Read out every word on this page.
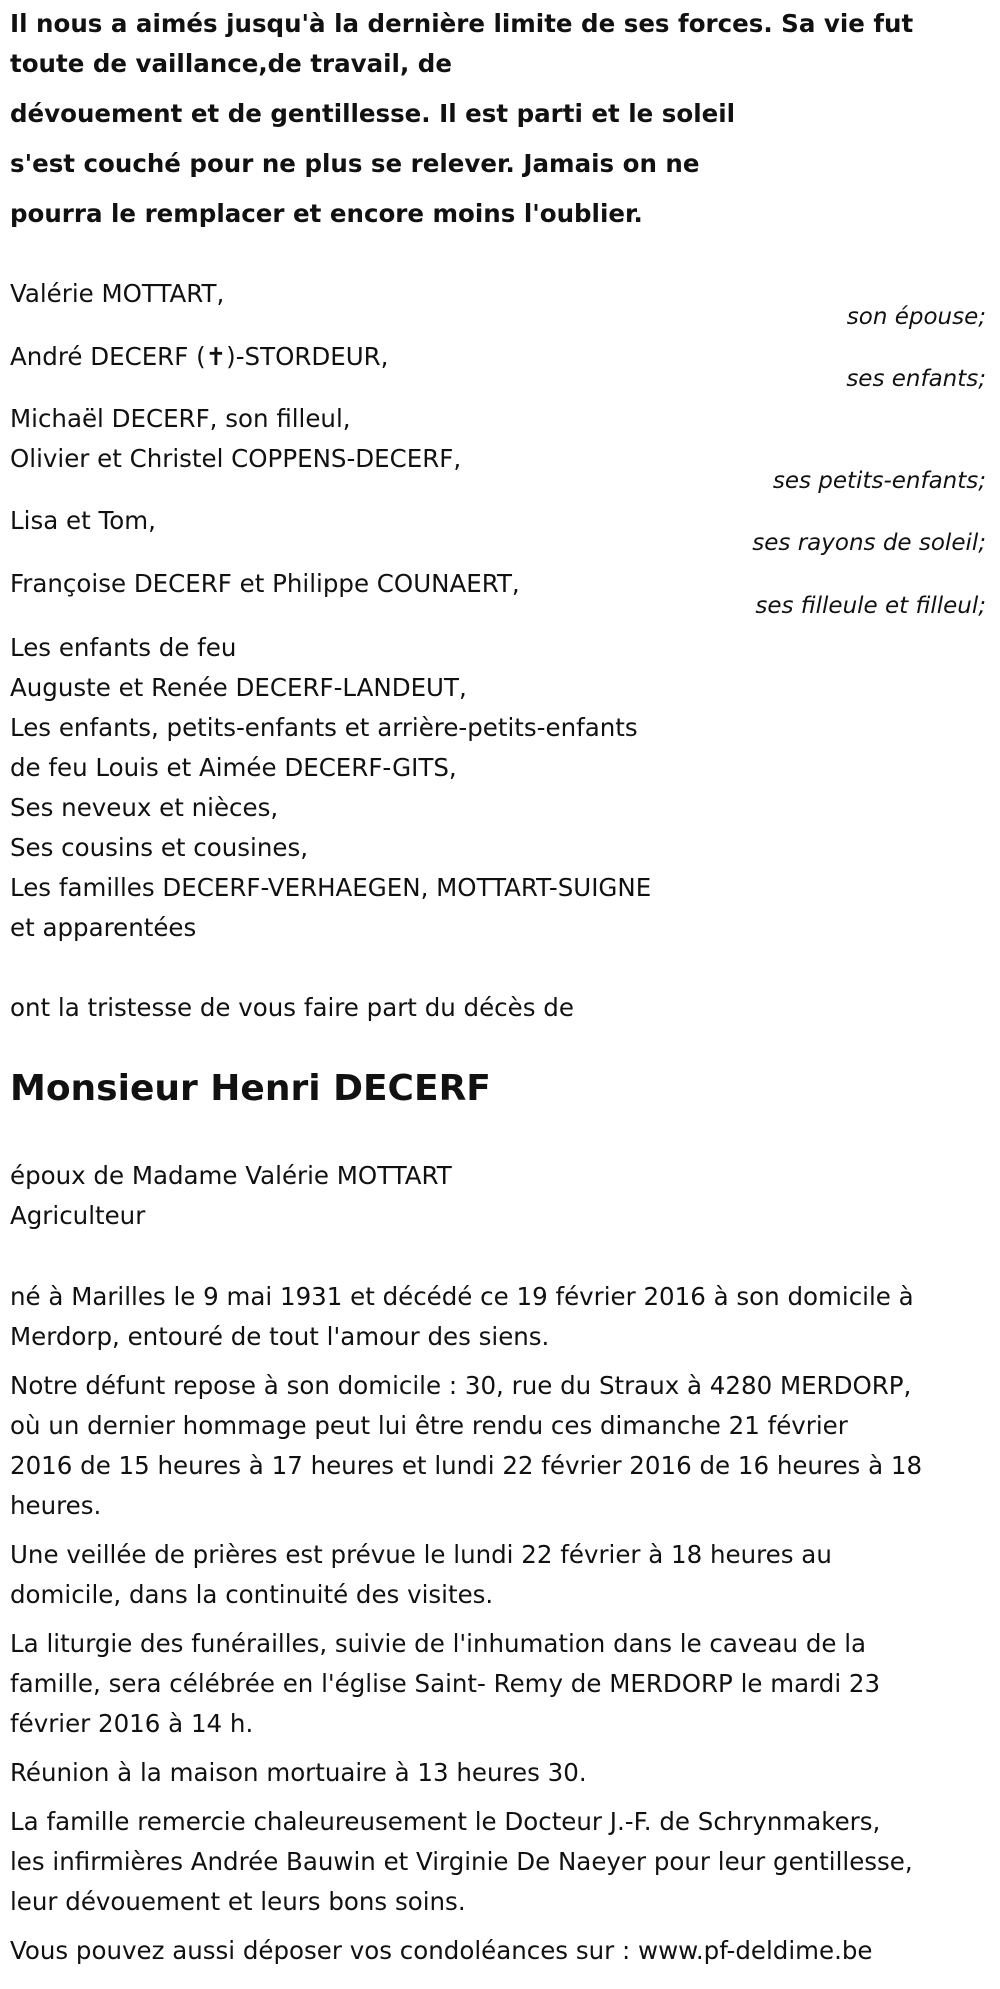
Il nous a aimés jusqu'à la dernière limite de ses forces. Sa vie fut

toute de vaillance,de travail, de

dévouement et de gentillesse. Il est parti et le soleil

s'est couché pour ne plus se relever. Jamais on ne

pourra le remplacer et encore moins l'oublier.

Valérie MOTTART,

son épouse;

André DECERF (✝)-STORDEUR,

ses enfants;

Michaël DECERF, son filleul,

Olivier et Christel COPPENS-DECERF,

ses petits-enfants;

Lisa et Tom,

ses rayons de soleil;

Françoise DECERF et Philippe COUNAERT,

ses filleule et filleul;

Les enfants de feu

Auguste et Renée DECERF-LANDEUT,

Les enfants, petits-enfants et arrière-petits-enfants

de feu Louis et Aimée DECERF-GITS,

Ses neveux et nièces,

Ses cousins et cousines,

Les familles DECERF-VERHAEGEN, MOTTART-SUIGNE

et apparentées

ont la tristesse de vous faire part du décès de

Monsieur Henri DECERF

époux de Madame Valérie MOTTART

Agriculteur

né à Marilles le 9 mai 1931 et décédé ce 19 février 2016 à son domicile à

Merdorp, entouré de tout l'amour des siens.

Notre défunt repose à son domicile : 30, rue du Straux à 4280 MERDORP,

où un dernier hommage peut lui être rendu ces dimanche 21 février

2016 de 15 heures à 17 heures et lundi 22 février 2016 de 16 heures à 18

heures.

Une veillée de prières est prévue le lundi 22 février à 18 heures au

domicile, dans la continuité des visites.

La liturgie des funérailles, suivie de l'inhumation dans le caveau de la

famille, sera célébrée en l'église Saint- Remy de MERDORP le mardi 23

février 2016 à 14 h.

Réunion à la maison mortuaire à 13 heures 30.

La famille remercie chaleureusement le Docteur J.-F. de Schrynmakers,

les infirmières Andrée Bauwin et Virginie De Naeyer pour leur gentillesse,

leur dévouement et leurs bons soins.

Vous pouvez aussi déposer vos condoléances sur : www.pf-deldime.be
